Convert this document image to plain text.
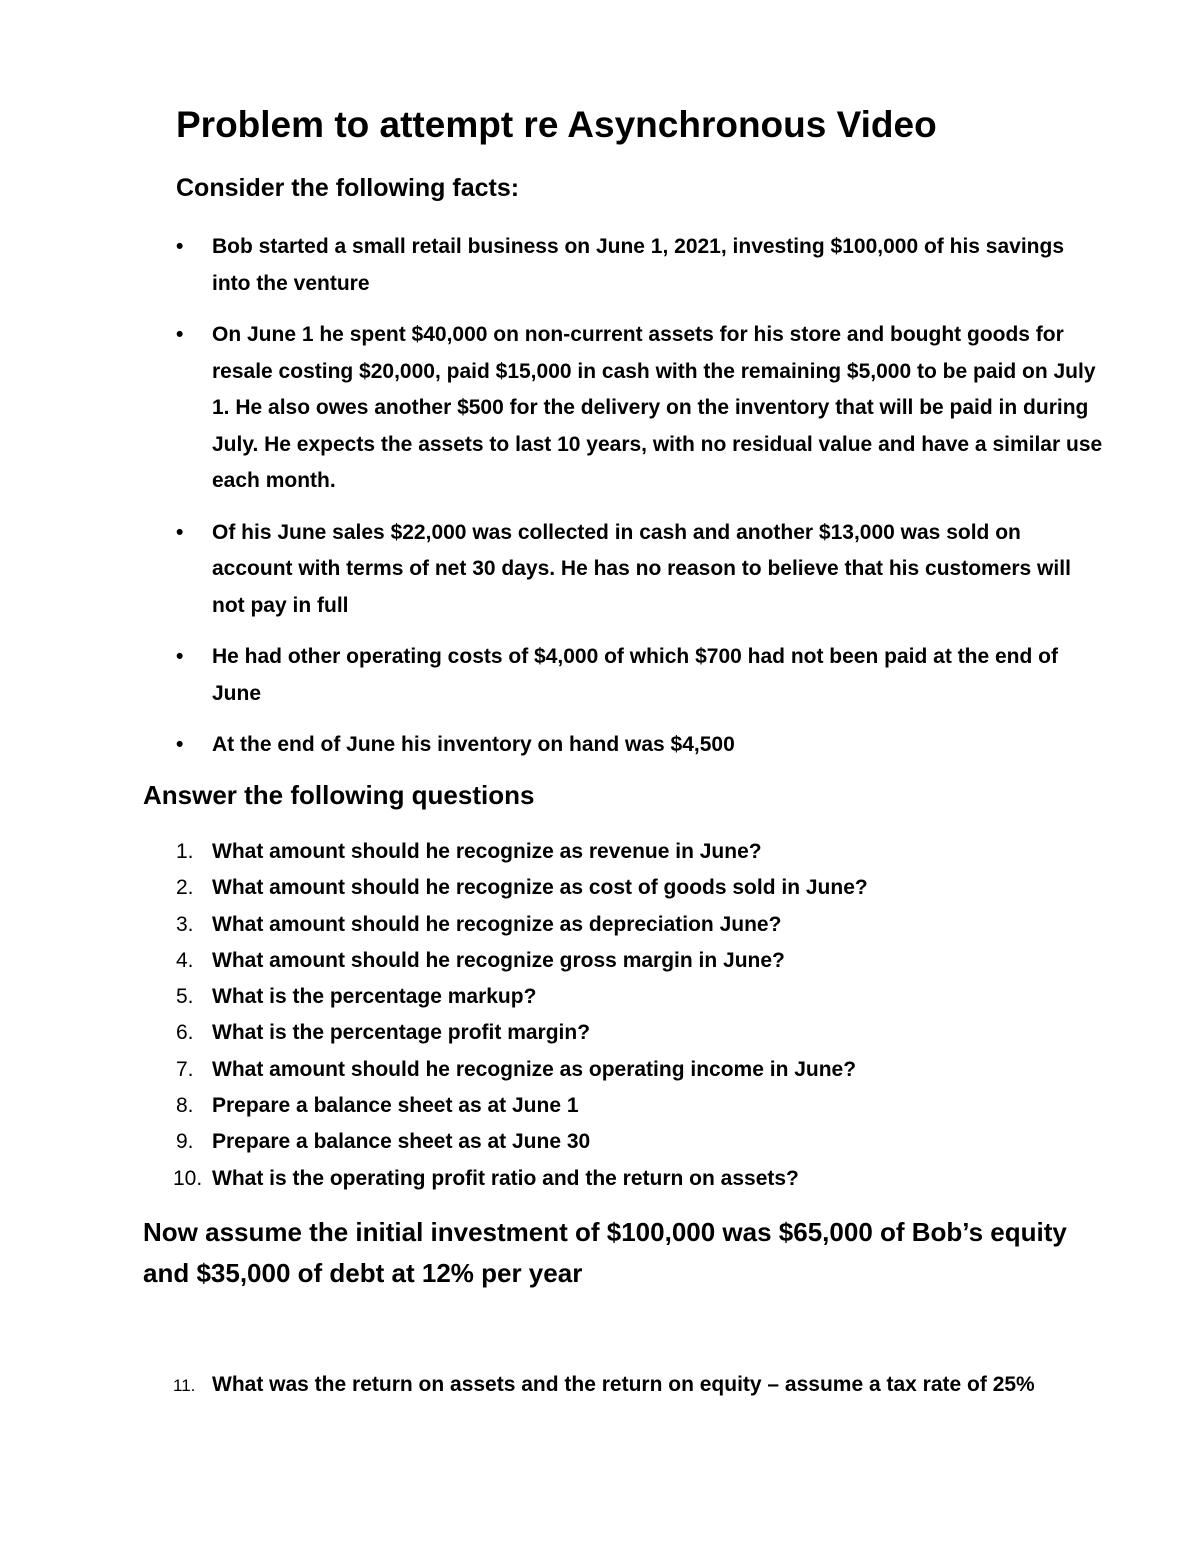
Problem to attempt re Asynchronous Video
Consider the following facts:
•	Bob started a small retail business on June 1, 2021, investing $100,000 of his savings into the venture
•	On June 1 he spent $40,000 on non-current assets for his store and bought goods for resale costing $20,000, paid $15,000 in cash with the remaining $5,000 to be paid on July 1. He also owes another $500 for the delivery on the inventory that will be paid in during July. He expects the assets to last 10 years, with no residual value and have a similar use each month.
•	Of his June sales $22,000 was collected in cash and another $13,000 was sold on account with terms of net 30 days. He has no reason to believe that his customers will not pay in full
•	He had other operating costs of $4,000 of which $700 had not been paid at the end of June
•	At the end of June his inventory on hand was $4,500
Answer the following questions
1. What amount should he recognize as revenue in June?
2. What amount should he recognize as cost of goods sold in June?
3. What amount should he recognize as depreciation June?
4. What amount should he recognize gross margin in June?
5. What is the percentage markup?
6. What is the percentage profit margin?
7. What amount should he recognize as operating income in June?
8. Prepare a balance sheet as at June 1
9. Prepare a balance sheet as at June 30
10. What is the operating profit ratio and the return on assets?

Now assume the initial investment of $100,000 was $65,000 of Bob’s equity and $35,000 of debt at 12% per year

11. What was the return on assets and the return on equity – assume a tax rate of 25%
